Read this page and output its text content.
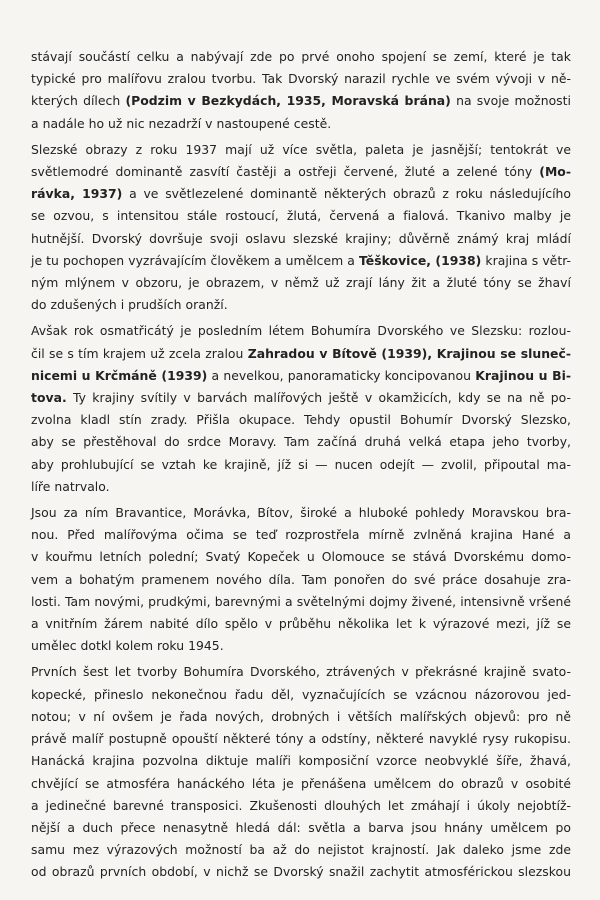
stávají součástí celku a nabývají zde po prvé onoho spojení se zemí, které je tak
typické pro malířovu zralou tvorbu. Tak Dvorský narazil rychle ve svém vývoji v ně-
kterých dílech (Podzim v Bezkydách, 1935, Moravská brána) na svoje možnosti
a nadále ho už nic nezadrží v nastoupené cestě.
Slezské obrazy z roku 1937 mají už více světla, paleta je jasnější; tentokrát ve
světlemodré dominantě zasvítí častěji a ostřeji červené, žluté a zelené tóny (Mo-
rávka, 1937) a ve světlezelené dominantě některých obrazů z roku následujícího
se ozvou, s intensitou stále rostoucí, žlutá, červená a fialová. Tkanivo malby je
hutnější. Dvorský dovršuje svoji oslavu slezské krajiny; důvěrně známý kraj mládí
je tu pochopen vyzrávajícím člověkem a umělcem a Těškovice, (1938) krajina s větr-
ným mlýnem v obzoru, je obrazem, v němž už zrají lány žit a žluté tóny se žhaví
do zdušených i prudších oranží.
Avšak rok osmatřicátý je posledním létem Bohumíra Dvorského ve Slezsku: rozlou-
čil se s tím krajem už zcela zralou Zahradou v Bítově (1939), Krajinou se slunеč-
nicemi u Krčmáně (1939) a nevelkou, panoramaticky koncipovanou Krajinou u Bi-
tova. Ty krajiny svítily v barvách malířových ještě v okamžicích, kdy se na ně po-
zvolna kladl stín zrady. Přišla okupace. Tehdy opustil Bohumír Dvorský Slezsko,
aby se přestěhoval do srdce Moravy. Tam začíná druhá velká etapa jeho tvorby,
aby prohlubující se vztah ke krajině, jíž si — nucen odejít — zvolil, připoutal ma-
líře natrvalo.
Jsou za ním Bravantice, Morávka, Bítov, široké a hluboké pohledy Moravskou bra-
nou. Před malířovýma očima se teď rozprostřela mírně zvlněná krajina Hané a
v kouřmu letních polední; Svatý Kopeček u Olomouce se stává Dvorskému domo-
vem a bohatým pramenem nového díla. Tam ponořen do své práce dosahuje zra-
losti. Tam novými, prudkými, barevnými a světelnými dojmy živené, intensivně vršené
a vnitřním žárem nabité dílo spělo v průběhu několika let k výrazové mezi, jíž se
umělec dotkl kolem roku 1945.
Prvních šest let tvorby Bohumíra Dvorského, ztrávených v překrásné krajině svato-
kopecké, přineslo nekonečnou řadu děl, vyznačujících se vzácnou názorovou jed-
notou; v ní ovšem je řada nových, drobných i větších malířských objevů: pro ně
právě malíř postupně opouští některé tóny a odstíny, některé navyklé rysy rukopisu.
Hanácká krajina pozvolna diktuje malíři komposiční vzorce neobvyklé šíře, žhavá,
chvějící se atmosféra hanáckého léta je přenášena umělcem do obrazů v osobité
a jedinečné barevné transposici. Zkušenosti dlouhých let zmáhají i úkoly nejobtíž-
nější a duch přece nenasytně hledá dál: světla a barva jsou hnány umělcem po
samu mez výrazových možností ba až do nejistot krajností. Jak daleko jsme zde
od obrazů prvních období, v nichž se Dvorský snažil zachytit atmosférickou slezskou
